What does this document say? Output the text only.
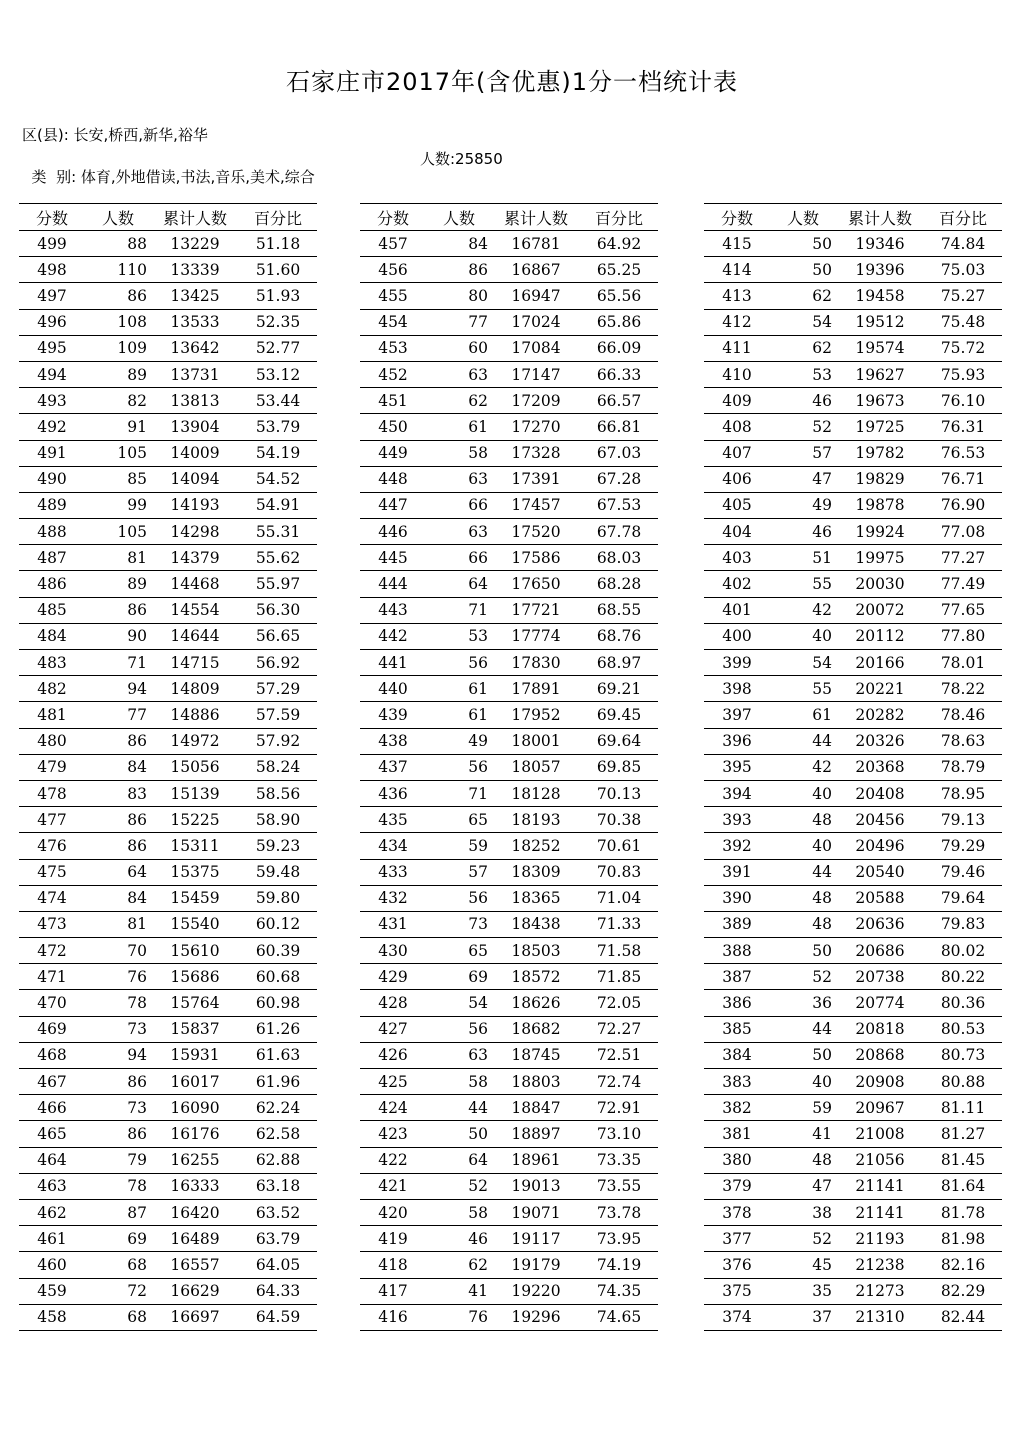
石家庄市2017年(含优惠)1分一档统计表
区(县): 长安,桥西,新华,裕华

类  别: 体育,外地借读,书法,音乐,美术,综合

人数:25850

分数	人数	累计人数	百分比
499	88	13229	51.18
498	110	13339	51.60
497	86	13425	51.93
496	108	13533	52.35
495	109	13642	52.77
494	89	13731	53.12
493	82	13813	53.44
492	91	13904	53.79
491	105	14009	54.19
490	85	14094	54.52
489	99	14193	54.91
488	105	14298	55.31
487	81	14379	55.62
486	89	14468	55.97
485	86	14554	56.30
484	90	14644	56.65
483	71	14715	56.92
482	94	14809	57.29
481	77	14886	57.59
480	86	14972	57.92
479	84	15056	58.24
478	83	15139	58.56
477	86	15225	58.90
476	86	15311	59.23
475	64	15375	59.48
474	84	15459	59.80
473	81	15540	60.12
472	70	15610	60.39
471	76	15686	60.68
470	78	15764	60.98
469	73	15837	61.26
468	94	15931	61.63
467	86	16017	61.96
466	73	16090	62.24
465	86	16176	62.58
464	79	16255	62.88
463	78	16333	63.18
462	87	16420	63.52
461	69	16489	63.79
460	68	16557	64.05
459	72	16629	64.33
458	68	16697	64.59
分数	人数	累计人数	百分比
457	84	16781	64.92
456	86	16867	65.25
455	80	16947	65.56
454	77	17024	65.86
453	60	17084	66.09
452	63	17147	66.33
451	62	17209	66.57
450	61	17270	66.81
449	58	17328	67.03
448	63	17391	67.28
447	66	17457	67.53
446	63	17520	67.78
445	66	17586	68.03
444	64	17650	68.28
443	71	17721	68.55
442	53	17774	68.76
441	56	17830	68.97
440	61	17891	69.21
439	61	17952	69.45
438	49	18001	69.64
437	56	18057	69.85
436	71	18128	70.13
435	65	18193	70.38
434	59	18252	70.61
433	57	18309	70.83
432	56	18365	71.04
431	73	18438	71.33
430	65	18503	71.58
429	69	18572	71.85
428	54	18626	72.05
427	56	18682	72.27
426	63	18745	72.51
425	58	18803	72.74
424	44	18847	72.91
423	50	18897	73.10
422	64	18961	73.35
421	52	19013	73.55
420	58	19071	73.78
419	46	19117	73.95
418	62	19179	74.19
417	41	19220	74.35
416	76	19296	74.65
分数	人数	累计人数	百分比
415	50	19346	74.84
414	50	19396	75.03
413	62	19458	75.27
412	54	19512	75.48
411	62	19574	75.72
410	53	19627	75.93
409	46	19673	76.10
408	52	19725	76.31
407	57	19782	76.53
406	47	19829	76.71
405	49	19878	76.90
404	46	19924	77.08
403	51	19975	77.27
402	55	20030	77.49
401	42	20072	77.65
400	40	20112	77.80
399	54	20166	78.01
398	55	20221	78.22
397	61	20282	78.46
396	44	20326	78.63
395	42	20368	78.79
394	40	20408	78.95
393	48	20456	79.13
392	40	20496	79.29
391	44	20540	79.46
390	48	20588	79.64
389	48	20636	79.83
388	50	20686	80.02
387	52	20738	80.22
386	36	20774	80.36
385	44	20818	80.53
384	50	20868	80.73
383	40	20908	80.88
382	59	20967	81.11
381	41	21008	81.27
380	48	21056	81.45
379	47	21141	81.64
378	38	21141	81.78
377	52	21193	81.98
376	45	21238	82.16
375	35	21273	82.29
374	37	21310	82.44
